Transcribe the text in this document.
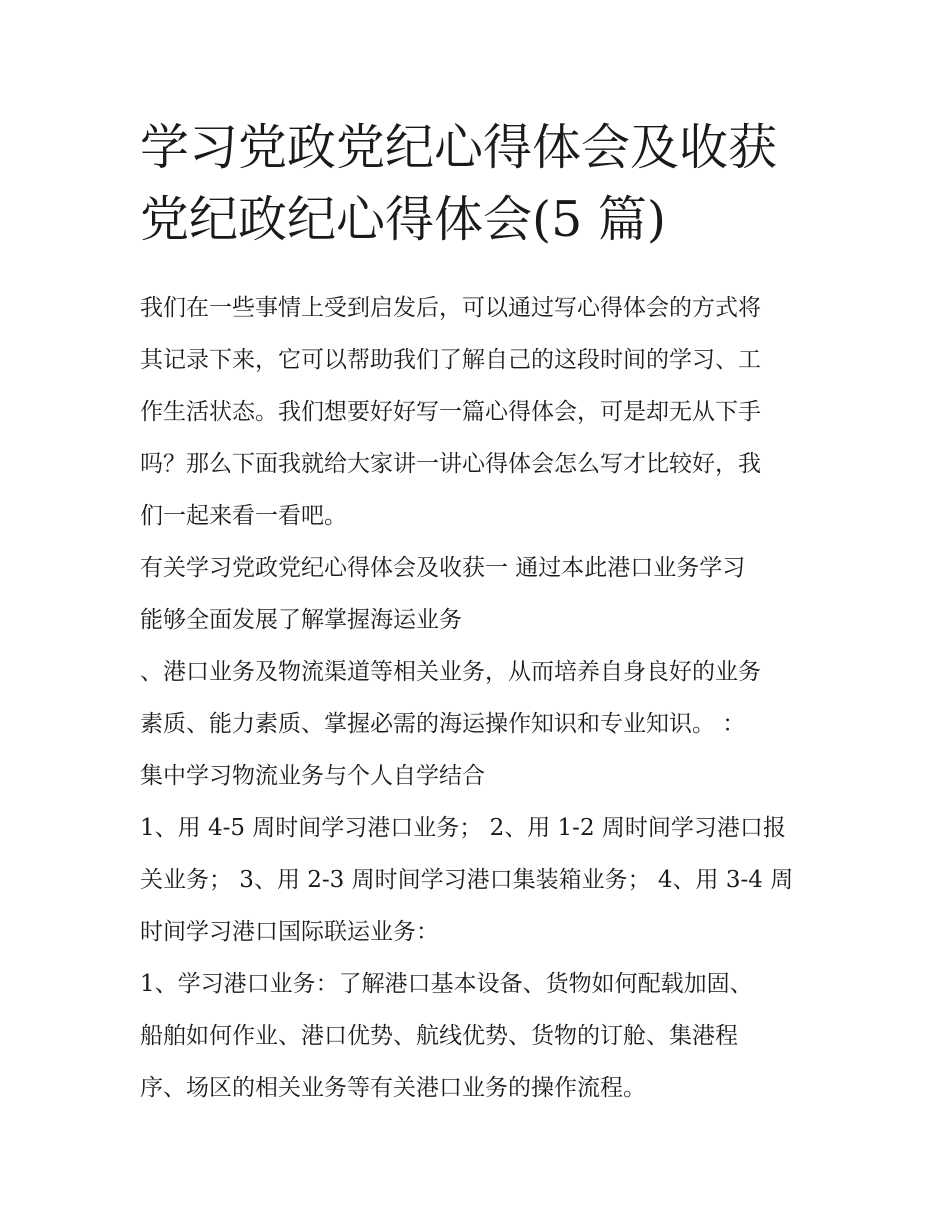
学习党政党纪心得体会及收获
党纪政纪心得体会(5 篇)

我们在一些事情上受到启发后，可以通过写心得体会的方式将
其记录下来，它可以帮助我们了解自己的这段时间的学习、工
作生活状态。我们想要好好写一篇心得体会，可是却无从下手
吗？那么下面我就给大家讲一讲心得体会怎么写才比较好，我
们一起来看一看吧。

有关学习党政党纪心得体会及收获一 通过本此港口业务学习
能够全面发展了解掌握海运业务

、港口业务及物流渠道等相关业务，从而培养自身良好的业务
素质、能力素质、掌握必需的海运操作知识和专业知识。 ：
集中学习物流业务与个人自学结合

1、用 4-5 周时间学习港口业务； 2、用 1-2 周时间学习港口报
关业务； 3、用 2-3 周时间学习港口集装箱业务； 4、用 3-4 周
时间学习港口国际联运业务：

1、学习港口业务：了解港口基本设备、货物如何配载加固、
船舶如何作业、港口优势、航线优势、货物的订舱、集港程
序、场区的相关业务等有关港口业务的操作流程。
